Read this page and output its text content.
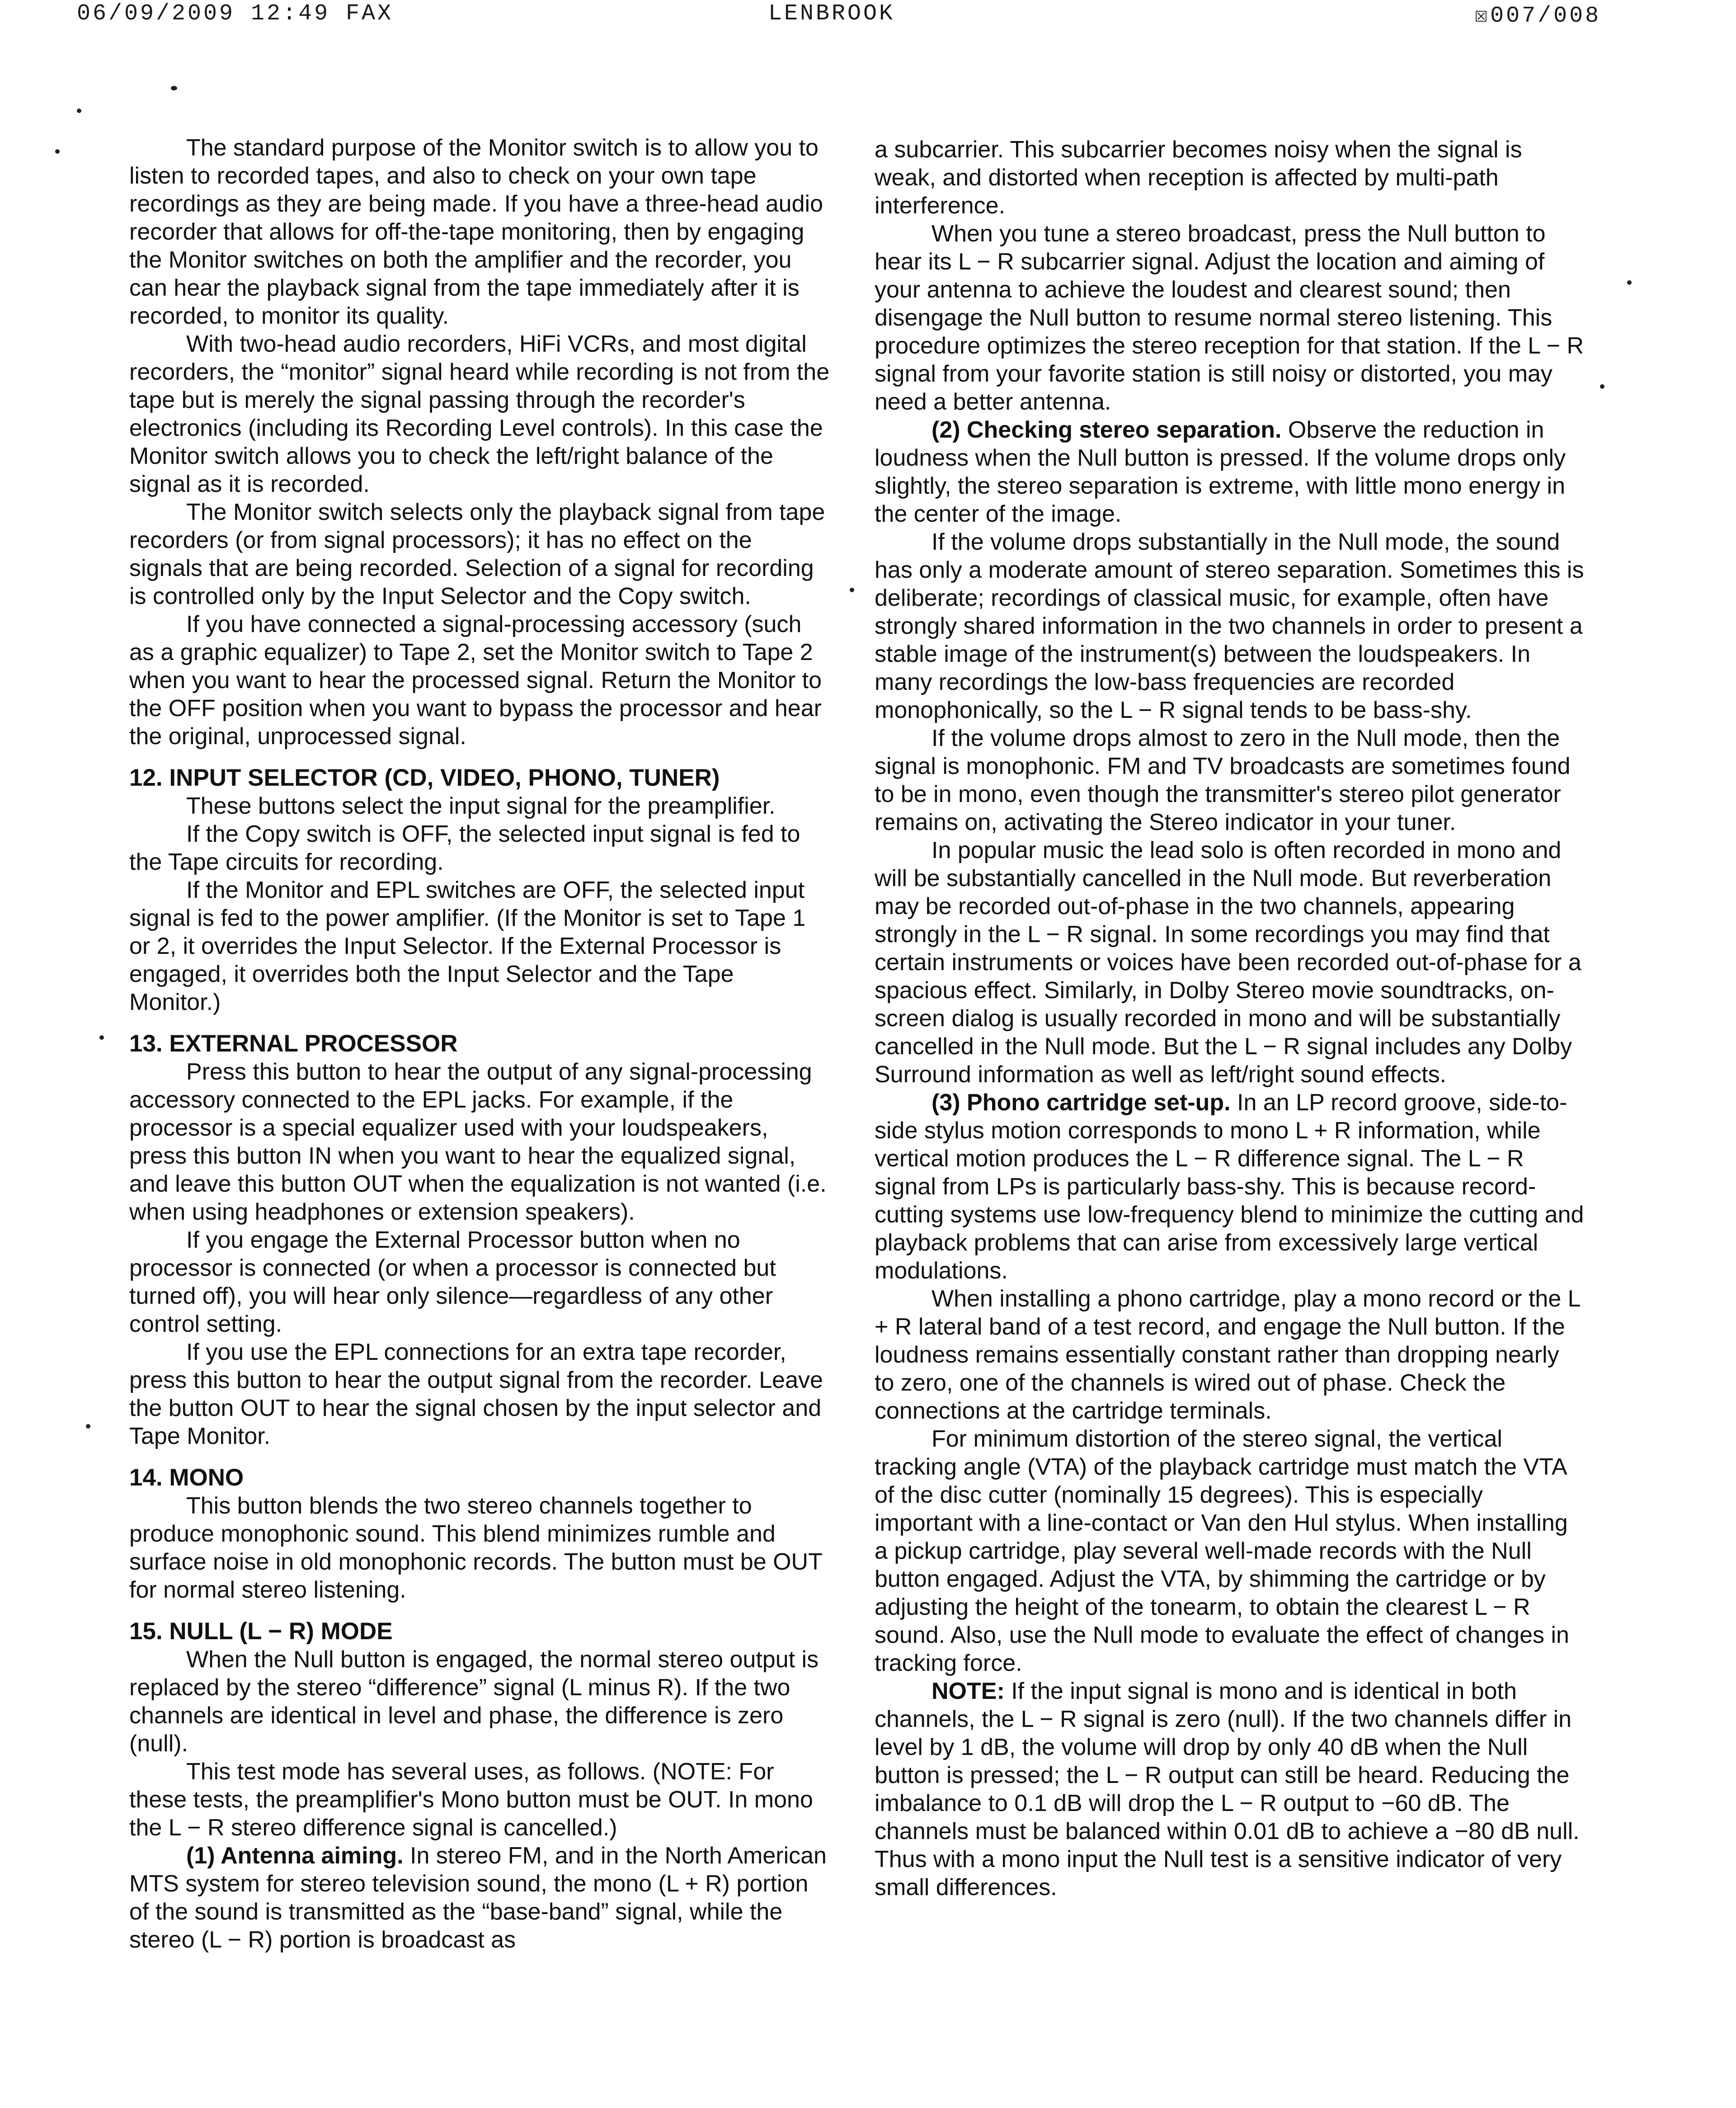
06/09/2009 12:49 FAX	LENBROOK	☒007/008

The standard purpose of the Monitor switch is to allow you to listen to recorded tapes, and also to check on your own tape recordings as they are being made. If you have a three-head audio recorder that allows for off-the-tape monitoring, then by engaging the Monitor switches on both the amplifier and the recorder, you can hear the playback signal from the tape immediately after it is recorded, to monitor its quality.

With two-head audio recorders, HiFi VCRs, and most digital recorders, the “monitor” signal heard while recording is not from the tape but is merely the signal passing through the recorder's electronics (including its Recording Level controls). In this case the Monitor switch allows you to check the left/right balance of the signal as it is recorded.

The Monitor switch selects only the playback signal from tape recorders (or from signal processors); it has no effect on the signals that are being recorded. Selection of a signal for recording is controlled only by the Input Selector and the Copy switch.

If you have connected a signal-processing accessory (such as a graphic equalizer) to Tape 2, set the Monitor switch to Tape 2 when you want to hear the processed signal. Return the Monitor to the OFF position when you want to bypass the processor and hear the original, unprocessed signal.

12. INPUT SELECTOR (CD, VIDEO, PHONO, TUNER)

These buttons select the input signal for the preamplifier.

If the Copy switch is OFF, the selected input signal is fed to the Tape circuits for recording.

If the Monitor and EPL switches are OFF, the selected input signal is fed to the power amplifier. (If the Monitor is set to Tape 1 or 2, it overrides the Input Selector. If the External Processor is engaged, it overrides both the Input Selector and the Tape Monitor.)

13. EXTERNAL PROCESSOR

Press this button to hear the output of any signal-processing accessory connected to the EPL jacks. For example, if the processor is a special equalizer used with your loudspeakers, press this button IN when you want to hear the equalized signal, and leave this button OUT when the equalization is not wanted (i.e. when using headphones or extension speakers).

If you engage the External Processor button when no processor is connected (or when a processor is connected but turned off), you will hear only silence—regardless of any other control setting.

If you use the EPL connections for an extra tape recorder, press this button to hear the output signal from the recorder. Leave the button OUT to hear the signal chosen by the input selector and Tape Monitor.

14. MONO

This button blends the two stereo channels together to produce monophonic sound. This blend minimizes rumble and surface noise in old monophonic records. The button must be OUT for normal stereo listening.

15. NULL (L − R) MODE

When the Null button is engaged, the normal stereo output is replaced by the stereo “difference” signal (L minus R). If the two channels are identical in level and phase, the difference is zero (null).

This test mode has several uses, as follows. (NOTE: For these tests, the preamplifier's Mono button must be OUT. In mono the L − R stereo difference signal is cancelled.)

(1) Antenna aiming. In stereo FM, and in the North American MTS system for stereo television sound, the mono (L + R) portion of the sound is transmitted as the “base-band” signal, while the stereo (L − R) portion is broadcast as

a subcarrier. This subcarrier becomes noisy when the signal is weak, and distorted when reception is affected by multi-path interference.

When you tune a stereo broadcast, press the Null button to hear its L − R subcarrier signal. Adjust the location and aiming of your antenna to achieve the loudest and clearest sound; then disengage the Null button to resume normal stereo listening. This procedure optimizes the stereo reception for that station. If the L − R signal from your favorite station is still noisy or distorted, you may need a better antenna.

(2) Checking stereo separation. Observe the reduction in loudness when the Null button is pressed. If the volume drops only slightly, the stereo separation is extreme, with little mono energy in the center of the image.

If the volume drops substantially in the Null mode, the sound has only a moderate amount of stereo separation. Sometimes this is deliberate; recordings of classical music, for example, often have strongly shared information in the two channels in order to present a stable image of the instrument(s) between the loudspeakers. In many recordings the low-bass frequencies are recorded monophonically, so the L − R signal tends to be bass-shy.

If the volume drops almost to zero in the Null mode, then the signal is monophonic. FM and TV broadcasts are sometimes found to be in mono, even though the transmitter's stereo pilot generator remains on, activating the Stereo indicator in your tuner.

In popular music the lead solo is often recorded in mono and will be substantially cancelled in the Null mode. But reverberation may be recorded out-of-phase in the two channels, appearing strongly in the L − R signal. In some recordings you may find that certain instruments or voices have been recorded out-of-phase for a spacious effect. Similarly, in Dolby Stereo movie soundtracks, on-screen dialog is usually recorded in mono and will be substantially cancelled in the Null mode. But the L − R signal includes any Dolby Surround information as well as left/right sound effects.

(3) Phono cartridge set-up. In an LP record groove, side-to-side stylus motion corresponds to mono L + R information, while vertical motion produces the L − R difference signal. The L − R signal from LPs is particularly bass-shy. This is because record-cutting systems use low-frequency blend to minimize the cutting and playback problems that can arise from excessively large vertical modulations.

When installing a phono cartridge, play a mono record or the L + R lateral band of a test record, and engage the Null button. If the loudness remains essentially constant rather than dropping nearly to zero, one of the channels is wired out of phase. Check the connections at the cartridge terminals.

For minimum distortion of the stereo signal, the vertical tracking angle (VTA) of the playback cartridge must match the VTA of the disc cutter (nominally 15 degrees). This is especially important with a line-contact or Van den Hul stylus. When installing a pickup cartridge, play several well-made records with the Null button engaged. Adjust the VTA, by shimming the cartridge or by adjusting the height of the tonearm, to obtain the clearest L − R sound. Also, use the Null mode to evaluate the effect of changes in tracking force.

NOTE: If the input signal is mono and is identical in both channels, the L − R signal is zero (null). If the two channels differ in level by 1 dB, the volume will drop by only 40 dB when the Null button is pressed; the L − R output can still be heard. Reducing the imbalance to 0.1 dB will drop the L − R output to −60 dB. The channels must be balanced within 0.01 dB to achieve a −80 dB null. Thus with a mono input the Null test is a sensitive indicator of very small differences.
